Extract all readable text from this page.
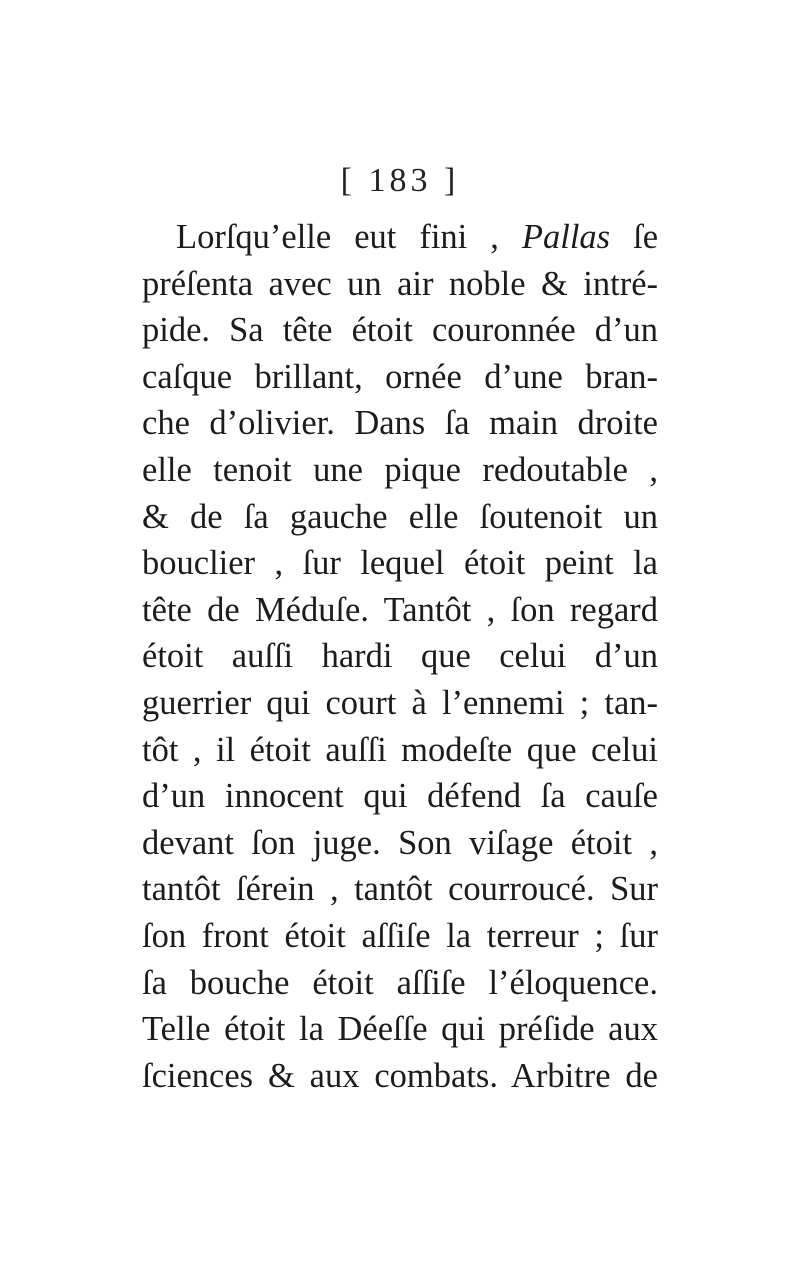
[ 183 ]
Lorſqu’elle eut fini , Pallas ſe
préſenta avec un air noble & intré-
pide. Sa tête étoit couronnée d’un
caſque brillant, ornée d’une bran-
che d’olivier. Dans ſa main droite
elle tenoit une pique redoutable ,
& de ſa gauche elle ſoutenoit un
bouclier , ſur lequel étoit peint la
tête de Méduſe. Tantôt , ſon regard
étoit auſſi hardi que celui d’un
guerrier qui court à l’ennemi ; tan-
tôt , il étoit auſſi modeſte que celui
d’un innocent qui défend ſa cauſe
devant ſon juge. Son viſage étoit ,
tantôt ſérein , tantôt courroucé. Sur
ſon front étoit aſſiſe la terreur ; ſur
ſa bouche étoit aſſiſe l’éloquence.
Telle étoit la Déeſſe qui préſide aux
ſciences & aux combats. Arbitre de
